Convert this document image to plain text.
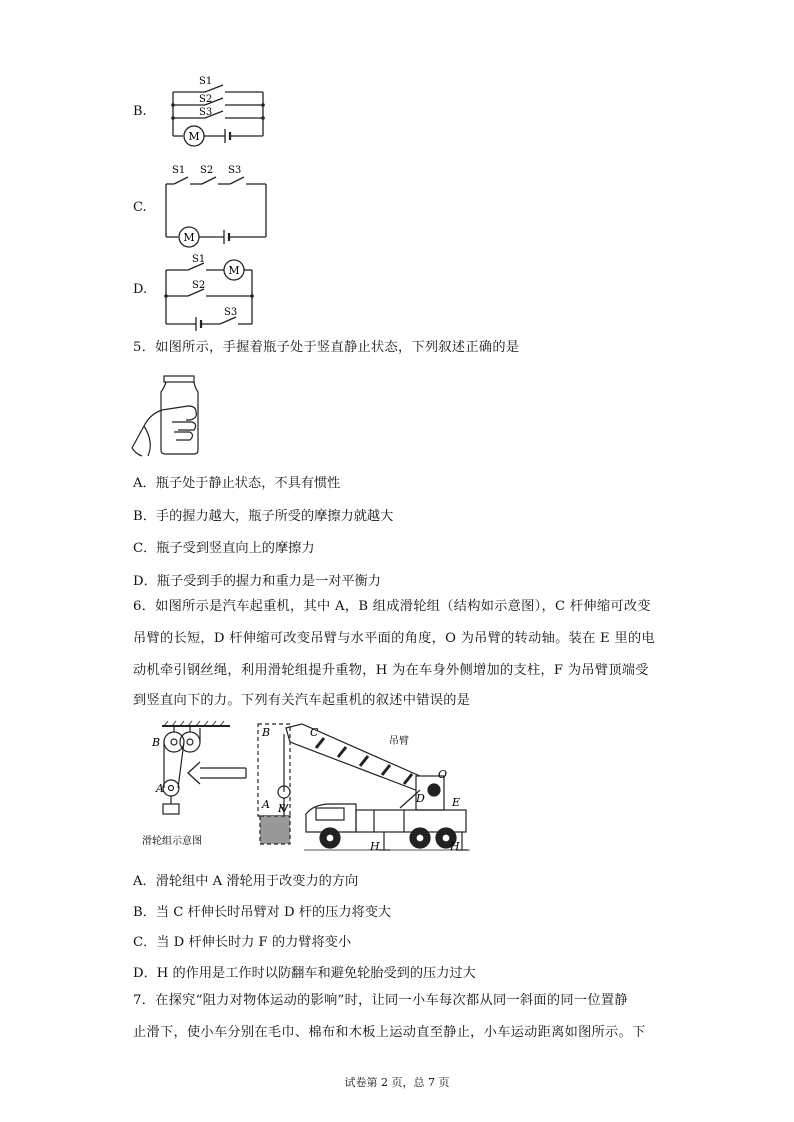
B.
M
S1
S2
S3
C.
M
S1 S2 S3
D.
M
S1
S2
S3
5．如图所示，手握着瓶子处于竖直静止状态，下列叙述正确的是
A．瓶子处于静止状态，不具有惯性
B．手的握力越大，瓶子所受的摩擦力就越大
C．瓶子受到竖直向上的摩擦力
D．瓶子受到手的握力和重力是一对平衡力
6．如图所示是汽车起重机，其中 A，B 组成滑轮组（结构如示意图），C 杆伸缩可改变
吊臂的长短，D 杆伸缩可改变吊臂与水平面的角度，O 为吊臂的转动轴。装在 E 里的电
动机牵引钢丝绳，利用滑轮组提升重物，H 为在车身外侧增加的支柱，F 为吊臂顶端受
到竖直向下的力。下列有关汽车起重机的叙述中错误的是
B
A
B
A F
C
吊臂
O
D E
H	H
滑轮组示意图
A．滑轮组中 A 滑轮用于改变力的方向
B．当 C 杆伸长时吊臂对 D 杆的压力将变大
C．当 D 杆伸长时力 F 的力臂将变小
D．H 的作用是工作时以防翻车和避免轮胎受到的压力过大
7．在探究“阻力对物体运动的影响”时，让同一小车每次都从同一斜面的同一位置静
止滑下，使小车分别在毛巾、棉布和木板上运动直至静止，小车运动距离如图所示。下
试卷第 2 页，总 7 页
